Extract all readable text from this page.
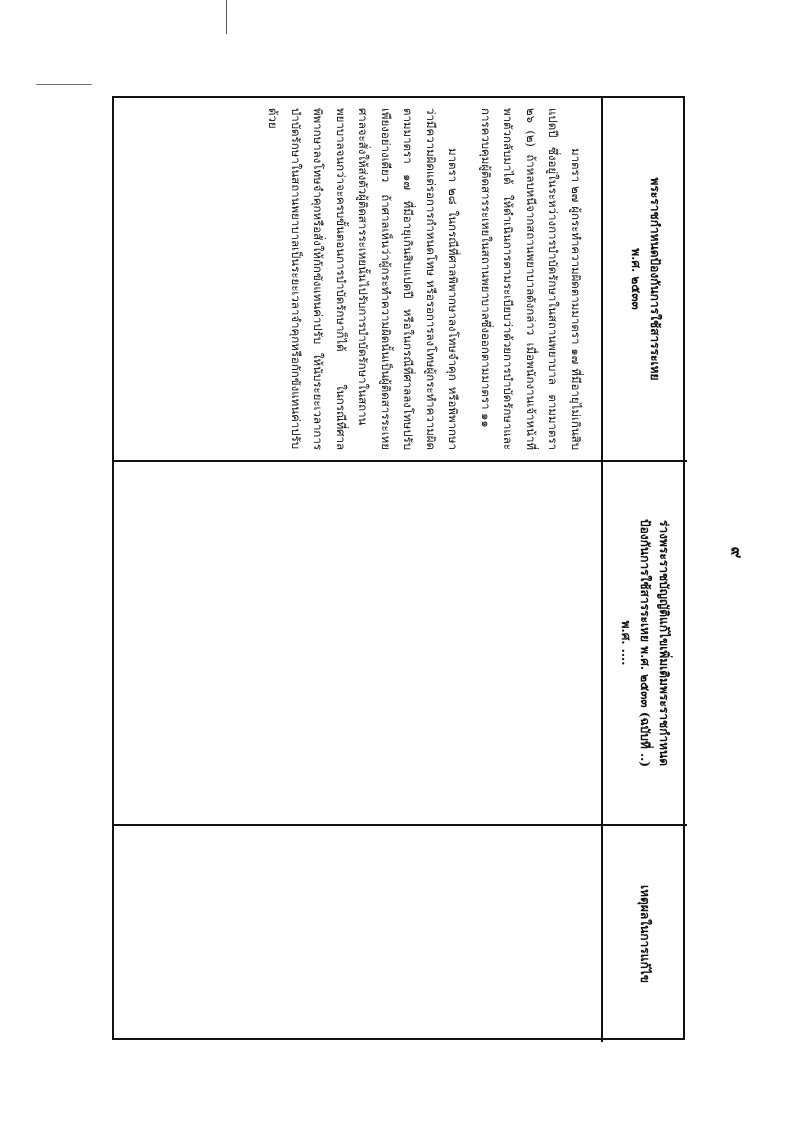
พระราชกำหนดป้องกันการใช้สารระเหย
พ.ศ. ๒๕๓๓
ร่างพระราชบัญญัติแก้ไขเพิ่มเติมพระราชกำหนด
ป้องกันการใช้สารระเหย พ.ศ. ๒๕๓๓ (ฉบับที่ ..)
พ.ศ. ....
เหตุผลในการแก้ไข

มาตรา ๒๗ ผู้กระทำความผิดตามมาตรา ๑๗ ที่มีอายุไม่เกินสิบแปดปี ซึ่งอยู่ในระหว่างการบำบัดรักษาในสถานพยาบาล ตามมาตรา ๒๖ (๒) ถ้าหลบหนีจากสถานพยาบาลดังกล่าว เมื่อพนักงานเจ้าหน้าที่พาตัวกลับมาได้ ให้ดำเนินการตามระเบียบว่าด้วยการบำบัดรักษาและการควบคุมผู้ติดสารระเหยในสถานพยาบาลซึ่งออกตามมาตรา ๑๑

มาตรา ๒๘ ในกรณีที่ศาลพิพากษาลงโทษจำคุก หรือพิพากษาว่ามีความผิดแต่รอการกำหนดโทษ หรือรอการลงโทษผู้กระทำความผิดตามมาตรา ๑๗ ที่มีอายุเกินสิบแปดปี หรือในกรณีที่ศาลลงโทษปรับเพียงอย่างเดียว ถ้าศาลเห็นว่าผู้กระทำความผิดนั้นเป็นผู้ติดสารระเหย ศาลจะสั่งให้ส่งตัวผู้ติดสารระเหยนั้นไปรับการบำบัดรักษาในสถานพยาบาลจนกว่าจะครบขั้นตอนการบำบัดรักษาก็ได้ ในกรณีที่ศาลพิพากษาลงโทษจำคุกหรือสั่งให้กักขังแทนค่าปรับ ให้นับระยะเวลาการบำบัดรักษาในสถานพยาบาลเป็นระยะเวลาจำคุกหรือกักขังแทนค่าปรับด้วย

๙
